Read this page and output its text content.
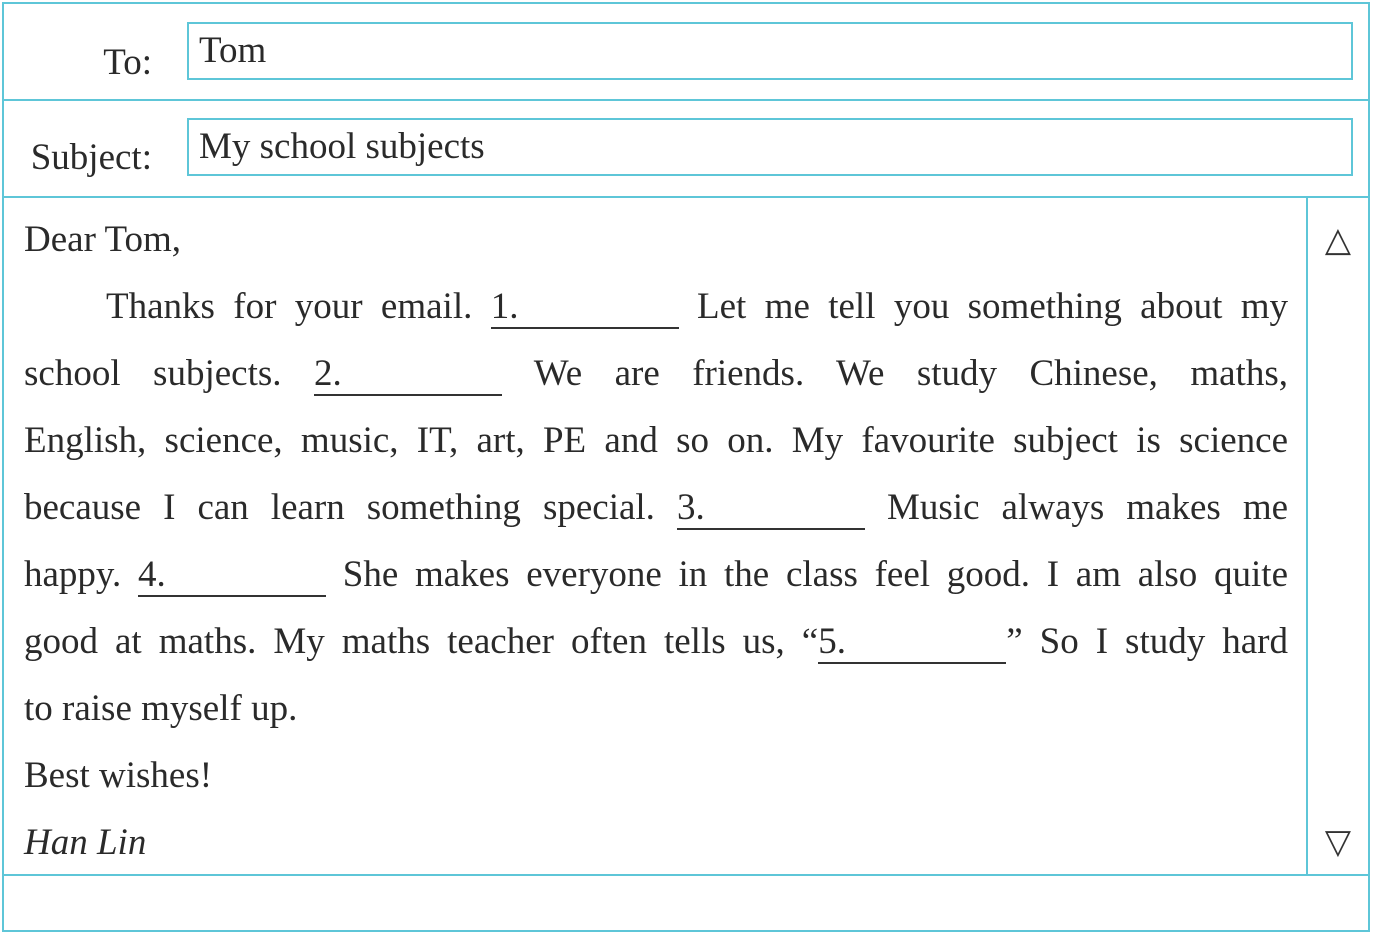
To:	Tom
Subject:	My school subjects
Dear Tom,
Thanks for your email. 1.	Let me tell you something about my
school subjects. 2.	We are friends. We study Chinese, maths,
English, science, music, IT, art, PE and so on. My favourite subject is science
because I can learn something special. 3.	Music always makes me
happy. 4.	She makes everyone in the class feel good. I am also quite
good at maths. My maths teacher often tells us, “5.	” So I study hard
to raise myself up.
Best wishes!
Han Lin
△
▽
